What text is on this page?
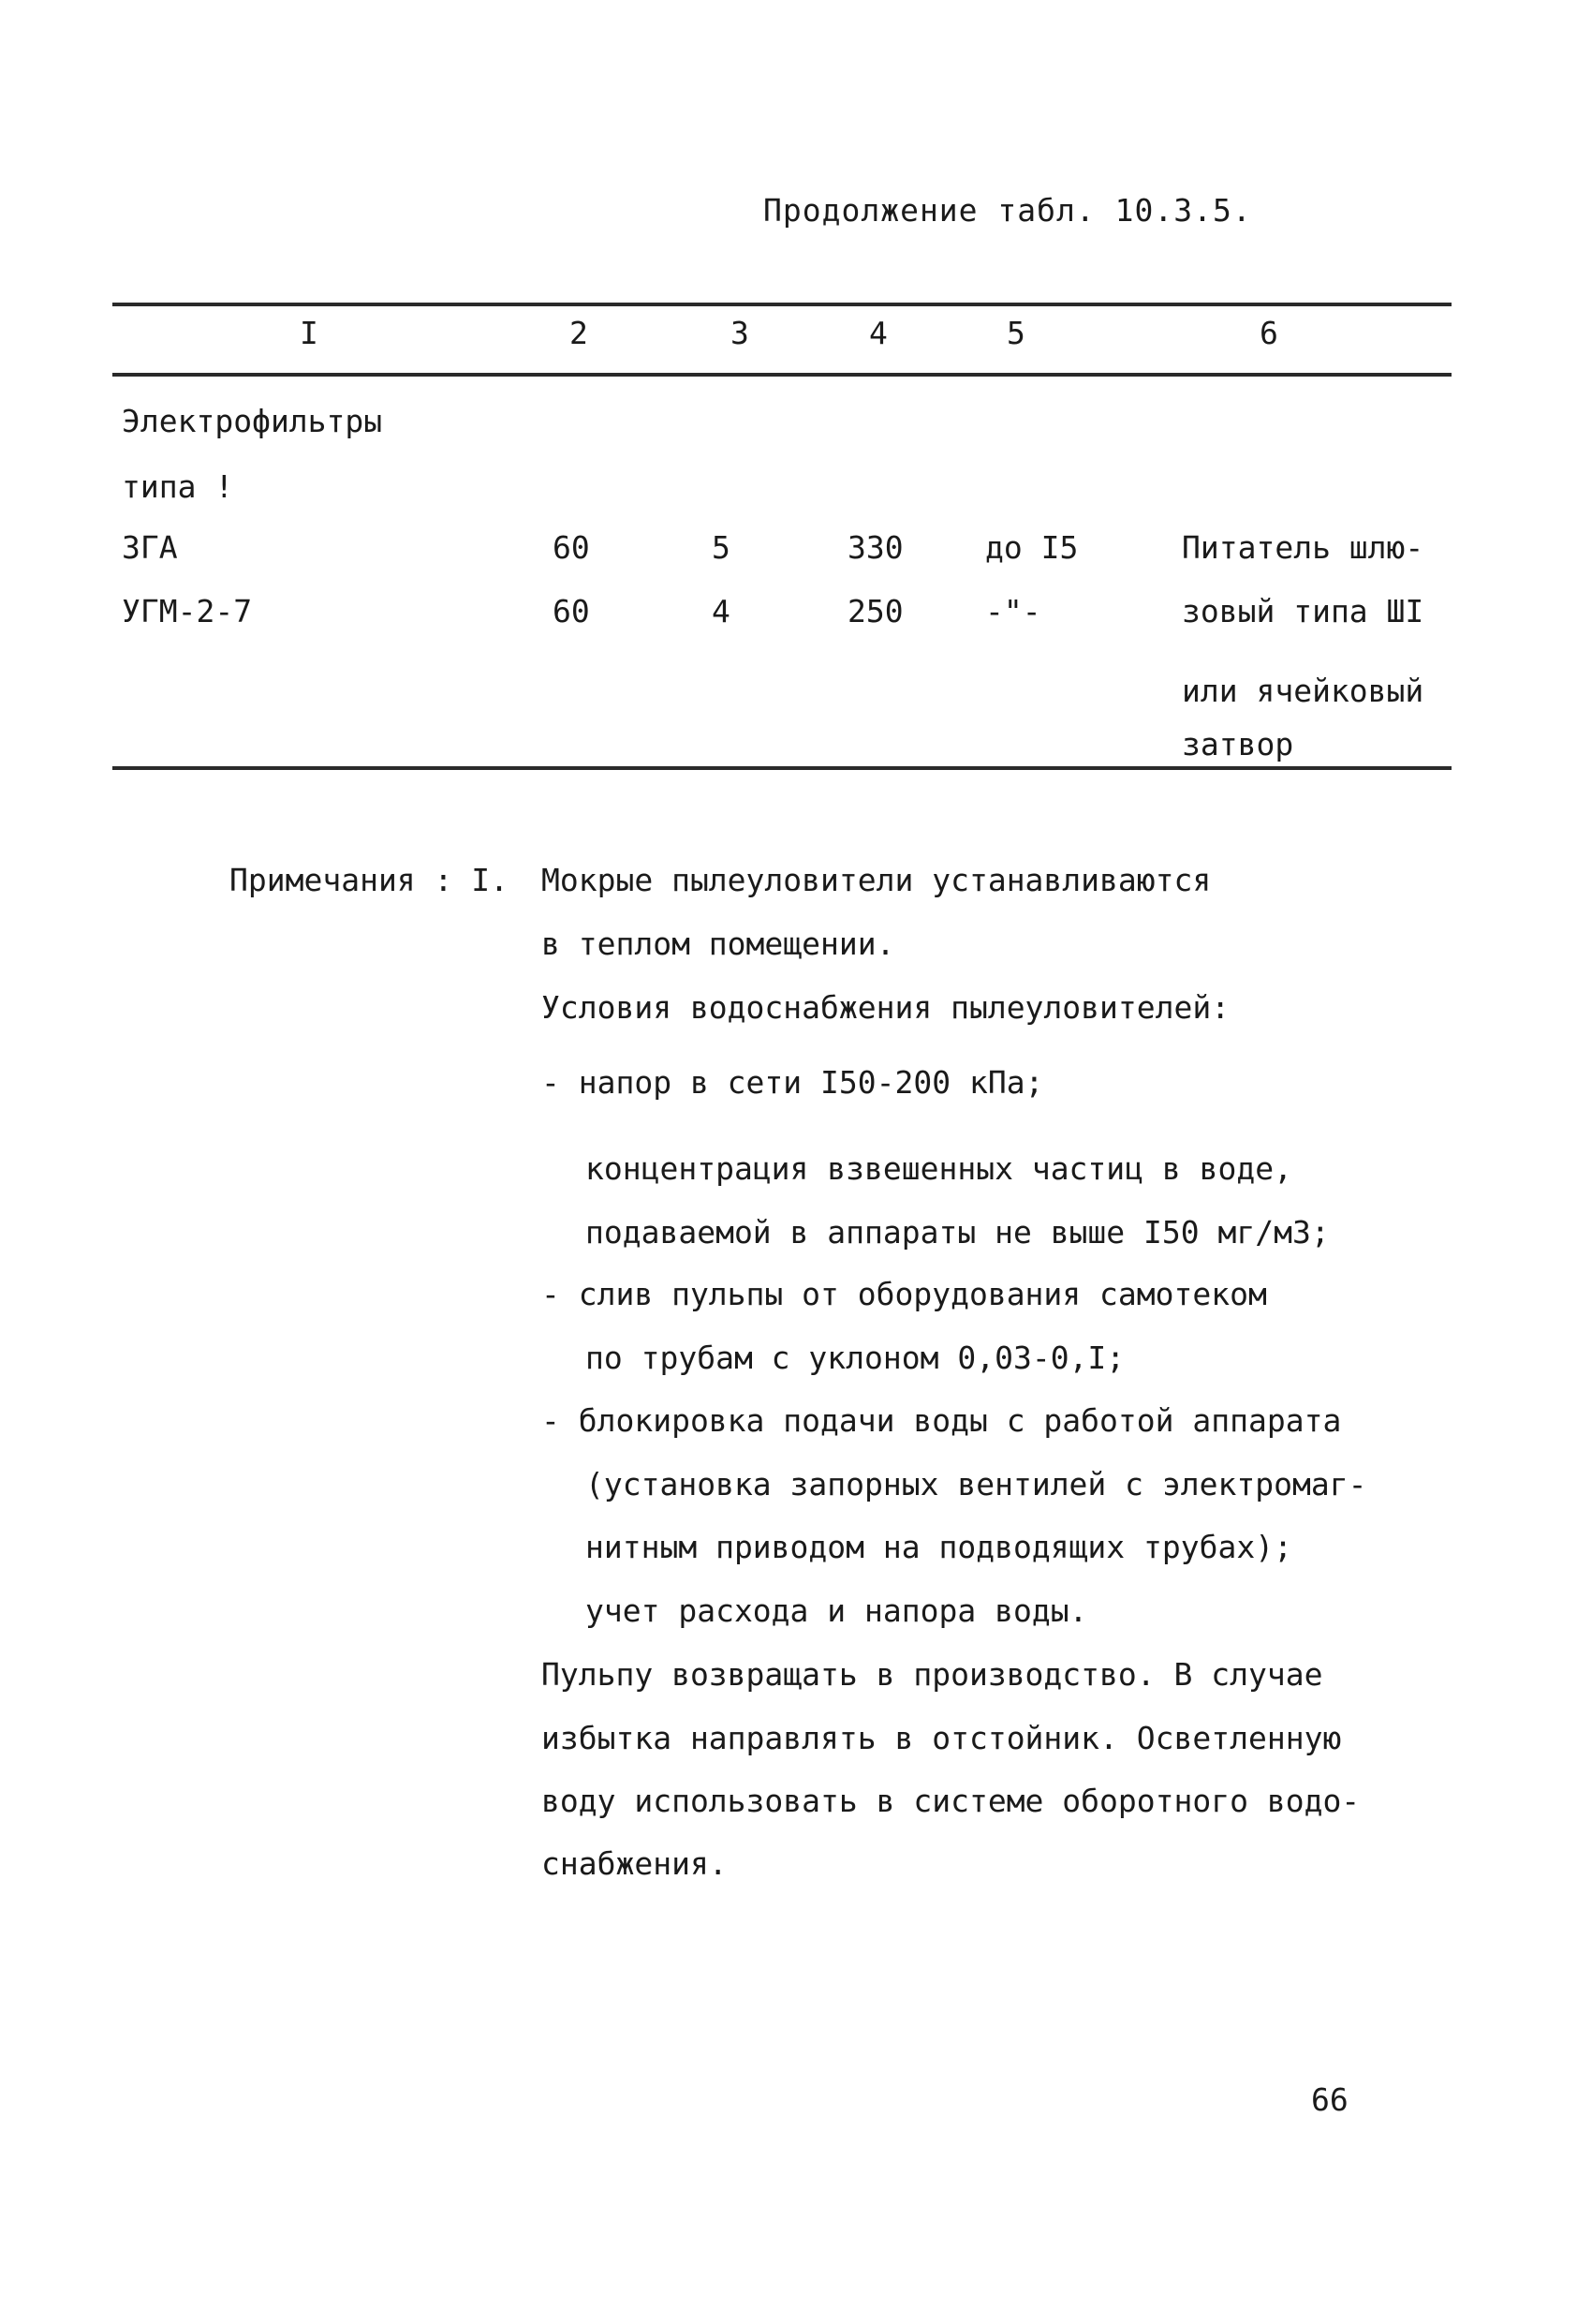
Продолжение табл. 10.3.5.
I	2	3	4	5	6
Электрофильтры
типа !
ЗГА	60	5	330	до I5	Питатель шлю-
УГМ-2-7	60	4	250	-"-	зовый типа ШI
или ячейковый
затвор
Примечания : I. Мокрые пылеуловители устанавливаются
в теплом помещении.
Условия водоснабжения пылеуловителей:
- напор в сети I50-200 кПа;
концентрация взвешенных частиц в воде,
подаваемой в аппараты не выше I50 мг/м3;
- слив пульпы от оборудования самотеком
по трубам с уклоном 0,03-0,I;
- блокировка подачи воды с работой аппарата
(установка запорных вентилей с электромаг-
нитным приводом на подводящих трубах);
учет расхода и напора воды.
Пульпу возвращать в производство. В случае
избытка направлять в отстойник. Осветленную
воду использовать в системе оборотного водо-
снабжения.
66
